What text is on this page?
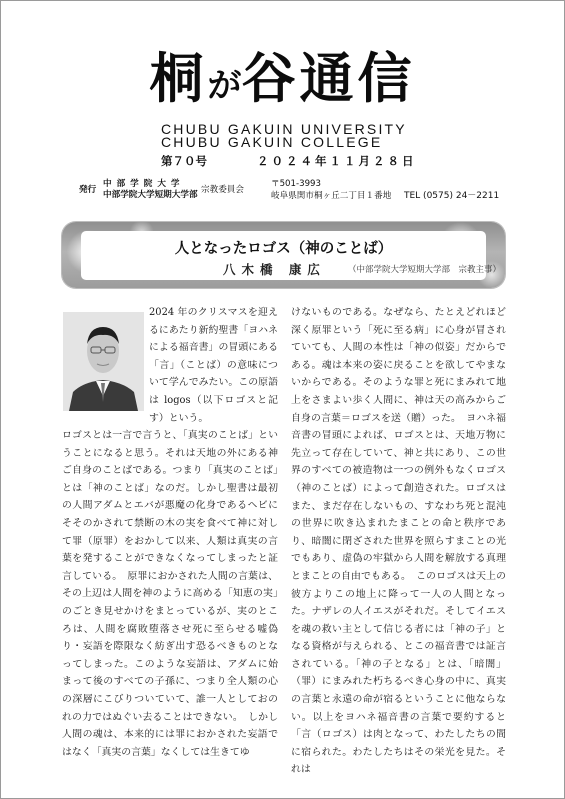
桐が谷通信
CHUBU GAKUIN UNIVERSITY
CHUBU GAKUIN COLLEGE
第７０号	２０２４年１１月２８日
発行
中 部 学 院 大 学
中部学院大学短期大学部 宗教委員会
〒501-3993
岐阜県関市桐ヶ丘二丁目１番地 TEL (0575) 24－2211
人となったロゴス（神のことば）
八木橋 康広	（中部学院大学短期大学部　宗教主事）

2024 年のクリスマスを迎えるにあたり新約聖書「ヨハネによる福音書」の冒頭にある「言」（ことば）の意味について学んでみたい。この原語は logos（以下ロゴスと記す）という。

ロゴスとは一言で言うと、「真実のことば」ということになると思う。それは天地の外にある神ご自身のことばである。つまり「真実のことば」とは「神のことば」なのだ。しかし聖書は最初の人間アダムとエバが悪魔の化身であるヘビにそそのかされて禁断の木の実を食べて神に対して罪（原罪）をおかして以来、人類は真実の言葉を発することができなくなってしまったと証言している。　原罪におかされた人間の言葉は、その上辺は人間を神のように高める「知恵の実」のごとき見せかけをまとっているが、実のところは、人間を腐敗堕落させ死に至らせる嘘偽り・妄語を際限なく紡ぎ出す恐るべきものとなってしまった。このような妄語は、アダムに始まって後のすべての子孫に、つまり全人類の心の深層にこびりついていて、誰一人としておのれの力ではぬぐい去ることはできない。　しかし人間の魂は、本来的には罪におかされた妄語ではなく「真実の言葉」なくしては生きてゆ

けないものである。なぜなら、たとえどれほど深く原罪という「死に至る病」に心身が冒されていても、人間の本性は「神の似姿」だからである。魂は本来の姿に戻ることを欲してやまないからである。そのような罪と死にまみれて地上をさまよい歩く人間に、神は天の高みからご自身の言葉＝ロゴスを送（贈）った。　ヨハネ福音書の冒頭によれば、ロゴスとは、天地万物に先立って存在していて、神と共にあり、この世界のすべての被造物は一つの例外もなくロゴス（神のことば）によって創造された。ロゴスはまた、まだ存在しないもの、すなわち死と混沌の世界に吹き込まれたまことの命と秩序であり、暗闇に閉ざされた世界を照らすまことの光でもあり、虚偽の牢獄から人間を解放する真理とまことの自由でもある。　このロゴスは天上の彼方よりこの地上に降って一人の人間となった。ナザレの人イエスがそれだ。そしてイエスを魂の救い主として信じる者には「神の子」となる資格が与えられる、とこの福音書では証言されている。「神の子となる」とは、「暗闇」（罪）にまみれた朽ちるべき心身の中に、真実の言葉と永遠の命が宿るということに他ならない。以上をヨハネ福音書の言葉で要約すると「言（ロゴス）は肉となって、わたしたちの間に宿られた。わたしたちはその栄光を見た。それは
